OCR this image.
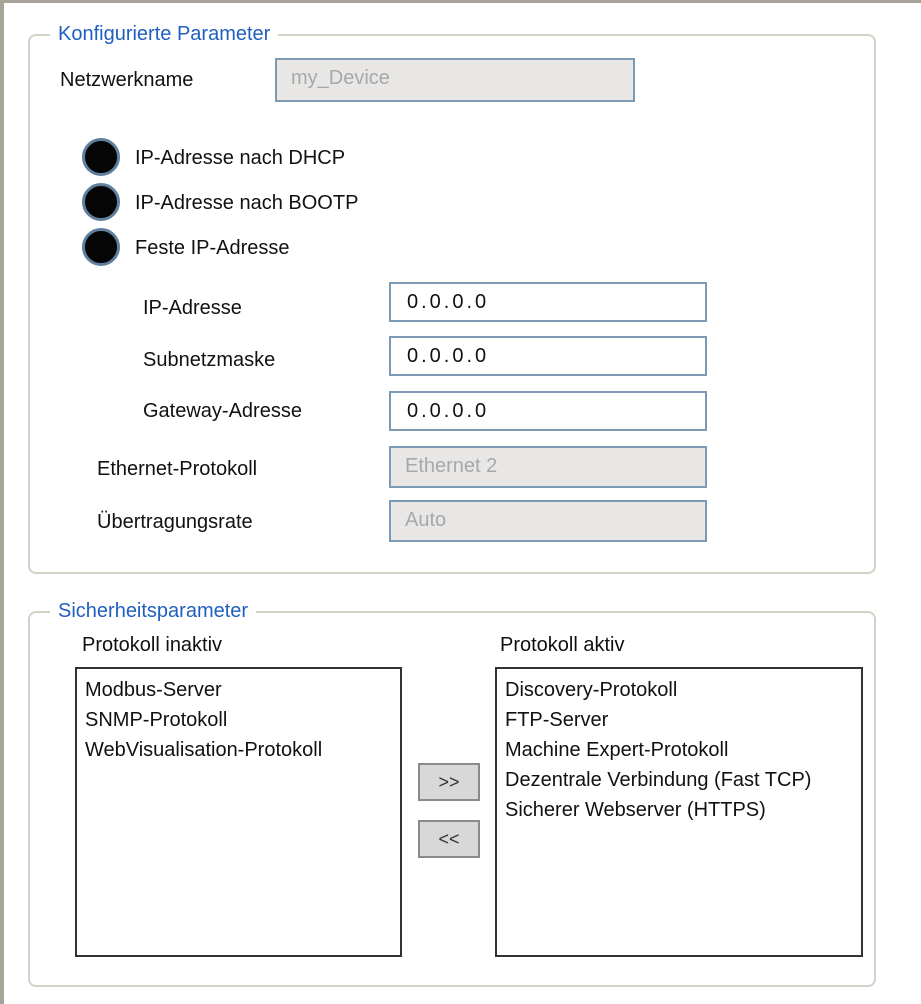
Konfigurierte Parameter
Netzwerkname	my_Device
IP-Adresse nach DHCP
IP-Adresse nach BOOTP
Feste IP-Adresse
IP-Adresse	0.0.0.0
Subnetzmaske	0.0.0.0
Gateway-Adresse	0.0.0.0
Ethernet-Protokoll	Ethernet 2
Übertragungsrate	Auto
Sicherheitsparameter
Protokoll inaktiv	Protokoll aktiv
Modbus-Server
SNMP-Protokoll
WebVisualisation-Protokoll
>>
<<
Discovery-Protokoll
FTP-Server
Machine Expert-Protokoll
Dezentrale Verbindung (Fast TCP)
Sicherer Webserver (HTTPS)
